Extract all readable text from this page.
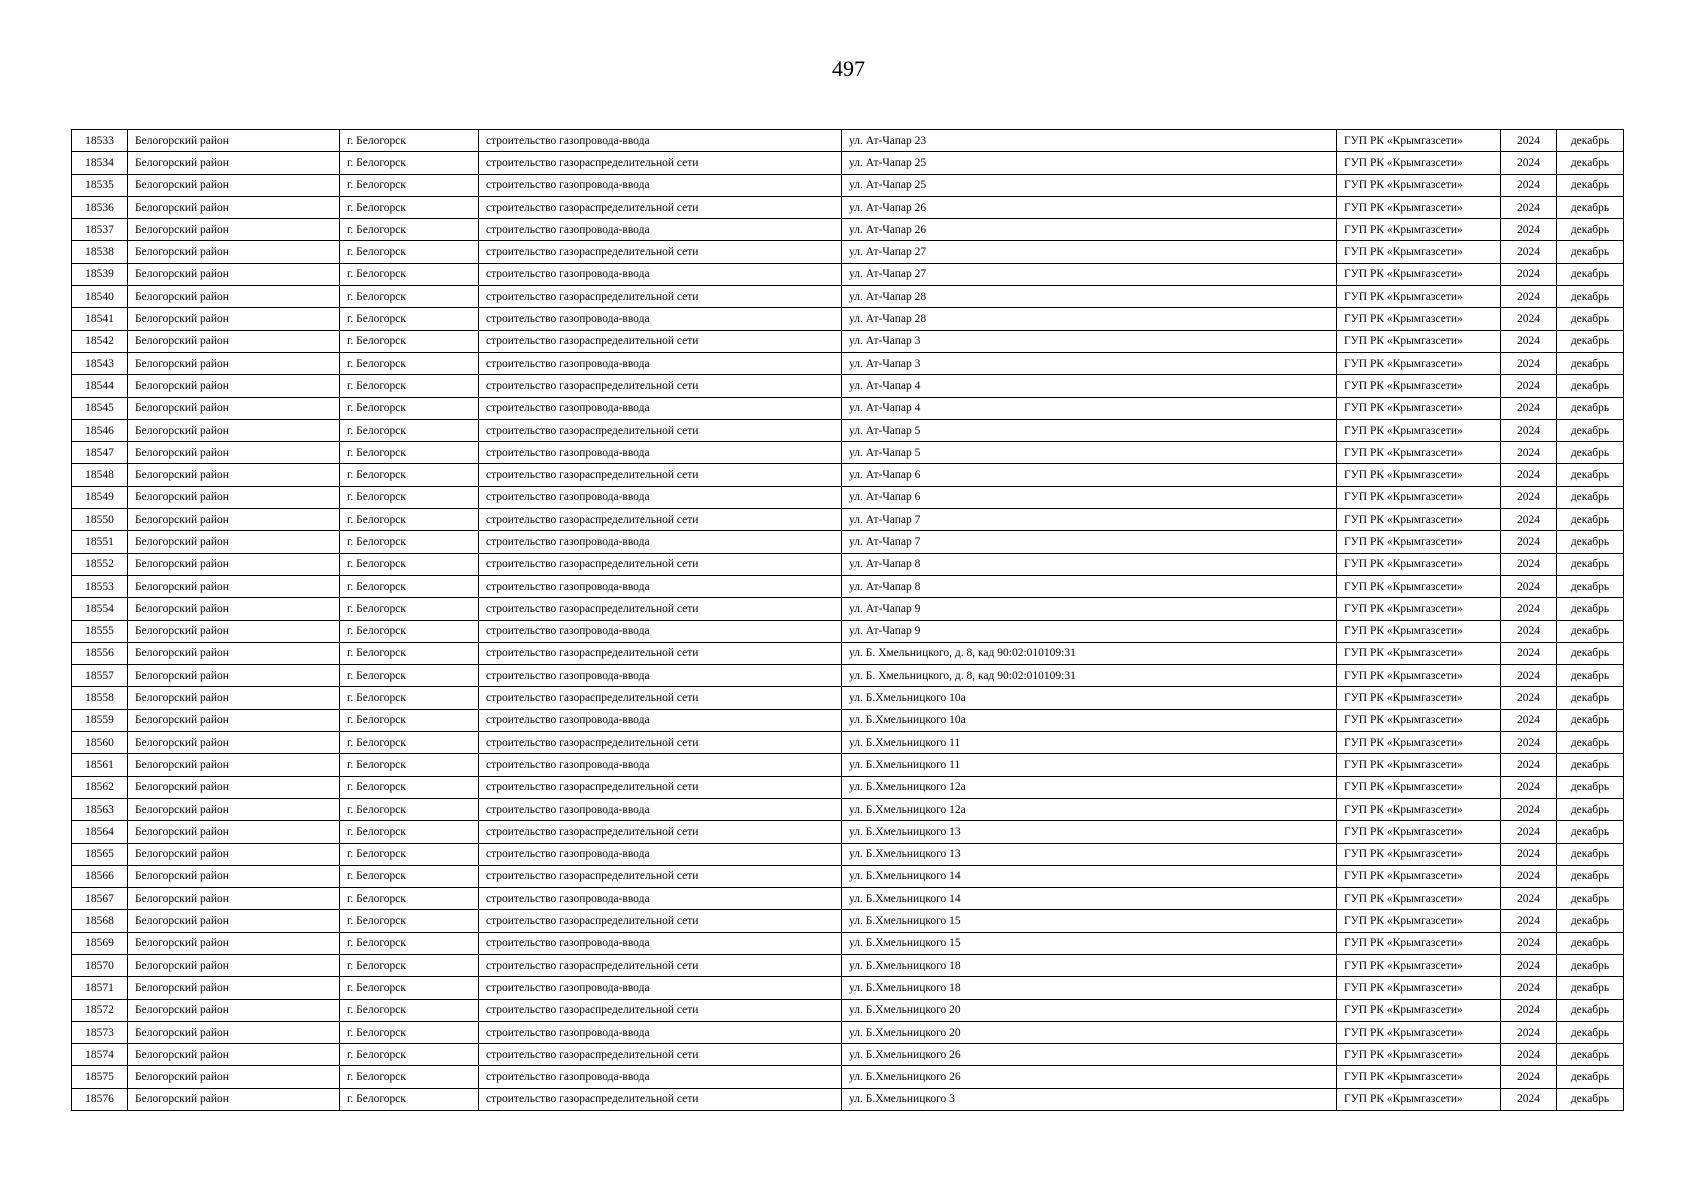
497
18533	Белогорский район	г. Белогорск	строительство газопровода-ввода	ул. Ат-Чапар 23	ГУП РК «Крымгазсети»	2024	декабрь
18534	Белогорский район	г. Белогорск	строительство газораспределительной сети	ул. Ат-Чапар 25	ГУП РК «Крымгазсети»	2024	декабрь
18535	Белогорский район	г. Белогорск	строительство газопровода-ввода	ул. Ат-Чапар 25	ГУП РК «Крымгазсети»	2024	декабрь
18536	Белогорский район	г. Белогорск	строительство газораспределительной сети	ул. Ат-Чапар 26	ГУП РК «Крымгазсети»	2024	декабрь
18537	Белогорский район	г. Белогорск	строительство газопровода-ввода	ул. Ат-Чапар 26	ГУП РК «Крымгазсети»	2024	декабрь
18538	Белогорский район	г. Белогорск	строительство газораспределительной сети	ул. Ат-Чапар 27	ГУП РК «Крымгазсети»	2024	декабрь
18539	Белогорский район	г. Белогорск	строительство газопровода-ввода	ул. Ат-Чапар 27	ГУП РК «Крымгазсети»	2024	декабрь
18540	Белогорский район	г. Белогорск	строительство газораспределительной сети	ул. Ат-Чапар 28	ГУП РК «Крымгазсети»	2024	декабрь
18541	Белогорский район	г. Белогорск	строительство газопровода-ввода	ул. Ат-Чапар 28	ГУП РК «Крымгазсети»	2024	декабрь
18542	Белогорский район	г. Белогорск	строительство газораспределительной сети	ул. Ат-Чапар 3	ГУП РК «Крымгазсети»	2024	декабрь
18543	Белогорский район	г. Белогорск	строительство газопровода-ввода	ул. Ат-Чапар 3	ГУП РК «Крымгазсети»	2024	декабрь
18544	Белогорский район	г. Белогорск	строительство газораспределительной сети	ул. Ат-Чапар 4	ГУП РК «Крымгазсети»	2024	декабрь
18545	Белогорский район	г. Белогорск	строительство газопровода-ввода	ул. Ат-Чапар 4	ГУП РК «Крымгазсети»	2024	декабрь
18546	Белогорский район	г. Белогорск	строительство газораспределительной сети	ул. Ат-Чапар 5	ГУП РК «Крымгазсети»	2024	декабрь
18547	Белогорский район	г. Белогорск	строительство газопровода-ввода	ул. Ат-Чапар 5	ГУП РК «Крымгазсети»	2024	декабрь
18548	Белогорский район	г. Белогорск	строительство газораспределительной сети	ул. Ат-Чапар 6	ГУП РК «Крымгазсети»	2024	декабрь
18549	Белогорский район	г. Белогорск	строительство газопровода-ввода	ул. Ат-Чапар 6	ГУП РК «Крымгазсети»	2024	декабрь
18550	Белогорский район	г. Белогорск	строительство газораспределительной сети	ул. Ат-Чапар 7	ГУП РК «Крымгазсети»	2024	декабрь
18551	Белогорский район	г. Белогорск	строительство газопровода-ввода	ул. Ат-Чапар 7	ГУП РК «Крымгазсети»	2024	декабрь
18552	Белогорский район	г. Белогорск	строительство газораспределительной сети	ул. Ат-Чапар 8	ГУП РК «Крымгазсети»	2024	декабрь
18553	Белогорский район	г. Белогорск	строительство газопровода-ввода	ул. Ат-Чапар 8	ГУП РК «Крымгазсети»	2024	декабрь
18554	Белогорский район	г. Белогорск	строительство газораспределительной сети	ул. Ат-Чапар 9	ГУП РК «Крымгазсети»	2024	декабрь
18555	Белогорский район	г. Белогорск	строительство газопровода-ввода	ул. Ат-Чапар 9	ГУП РК «Крымгазсети»	2024	декабрь
18556	Белогорский район	г. Белогорск	строительство газораспределительной сети	ул. Б. Хмельницкого, д. 8, кад 90:02:010109:31	ГУП РК «Крымгазсети»	2024	декабрь
18557	Белогорский район	г. Белогорск	строительство газопровода-ввода	ул. Б. Хмельницкого, д. 8, кад 90:02:010109:31	ГУП РК «Крымгазсети»	2024	декабрь
18558	Белогорский район	г. Белогорск	строительство газораспределительной сети	ул. Б.Хмельницкого 10а	ГУП РК «Крымгазсети»	2024	декабрь
18559	Белогорский район	г. Белогорск	строительство газопровода-ввода	ул. Б.Хмельницкого 10а	ГУП РК «Крымгазсети»	2024	декабрь
18560	Белогорский район	г. Белогорск	строительство газораспределительной сети	ул. Б.Хмельницкого 11	ГУП РК «Крымгазсети»	2024	декабрь
18561	Белогорский район	г. Белогорск	строительство газопровода-ввода	ул. Б.Хмельницкого 11	ГУП РК «Крымгазсети»	2024	декабрь
18562	Белогорский район	г. Белогорск	строительство газораспределительной сети	ул. Б.Хмельницкого 12а	ГУП РК «Крымгазсети»	2024	декабрь
18563	Белогорский район	г. Белогорск	строительство газопровода-ввода	ул. Б.Хмельницкого 12а	ГУП РК «Крымгазсети»	2024	декабрь
18564	Белогорский район	г. Белогорск	строительство газораспределительной сети	ул. Б.Хмельницкого 13	ГУП РК «Крымгазсети»	2024	декабрь
18565	Белогорский район	г. Белогорск	строительство газопровода-ввода	ул. Б.Хмельницкого 13	ГУП РК «Крымгазсети»	2024	декабрь
18566	Белогорский район	г. Белогорск	строительство газораспределительной сети	ул. Б.Хмельницкого 14	ГУП РК «Крымгазсети»	2024	декабрь
18567	Белогорский район	г. Белогорск	строительство газопровода-ввода	ул. Б.Хмельницкого 14	ГУП РК «Крымгазсети»	2024	декабрь
18568	Белогорский район	г. Белогорск	строительство газораспределительной сети	ул. Б.Хмельницкого 15	ГУП РК «Крымгазсети»	2024	декабрь
18569	Белогорский район	г. Белогорск	строительство газопровода-ввода	ул. Б.Хмельницкого 15	ГУП РК «Крымгазсети»	2024	декабрь
18570	Белогорский район	г. Белогорск	строительство газораспределительной сети	ул. Б.Хмельницкого 18	ГУП РК «Крымгазсети»	2024	декабрь
18571	Белогорский район	г. Белогорск	строительство газопровода-ввода	ул. Б.Хмельницкого 18	ГУП РК «Крымгазсети»	2024	декабрь
18572	Белогорский район	г. Белогорск	строительство газораспределительной сети	ул. Б.Хмельницкого 20	ГУП РК «Крымгазсети»	2024	декабрь
18573	Белогорский район	г. Белогорск	строительство газопровода-ввода	ул. Б.Хмельницкого 20	ГУП РК «Крымгазсети»	2024	декабрь
18574	Белогорский район	г. Белогорск	строительство газораспределительной сети	ул. Б.Хмельницкого 26	ГУП РК «Крымгазсети»	2024	декабрь
18575	Белогорский район	г. Белогорск	строительство газопровода-ввода	ул. Б.Хмельницкого 26	ГУП РК «Крымгазсети»	2024	декабрь
18576	Белогорский район	г. Белогорск	строительство газораспределительной сети	ул. Б.Хмельницкого 3	ГУП РК «Крымгазсети»	2024	декабрь
